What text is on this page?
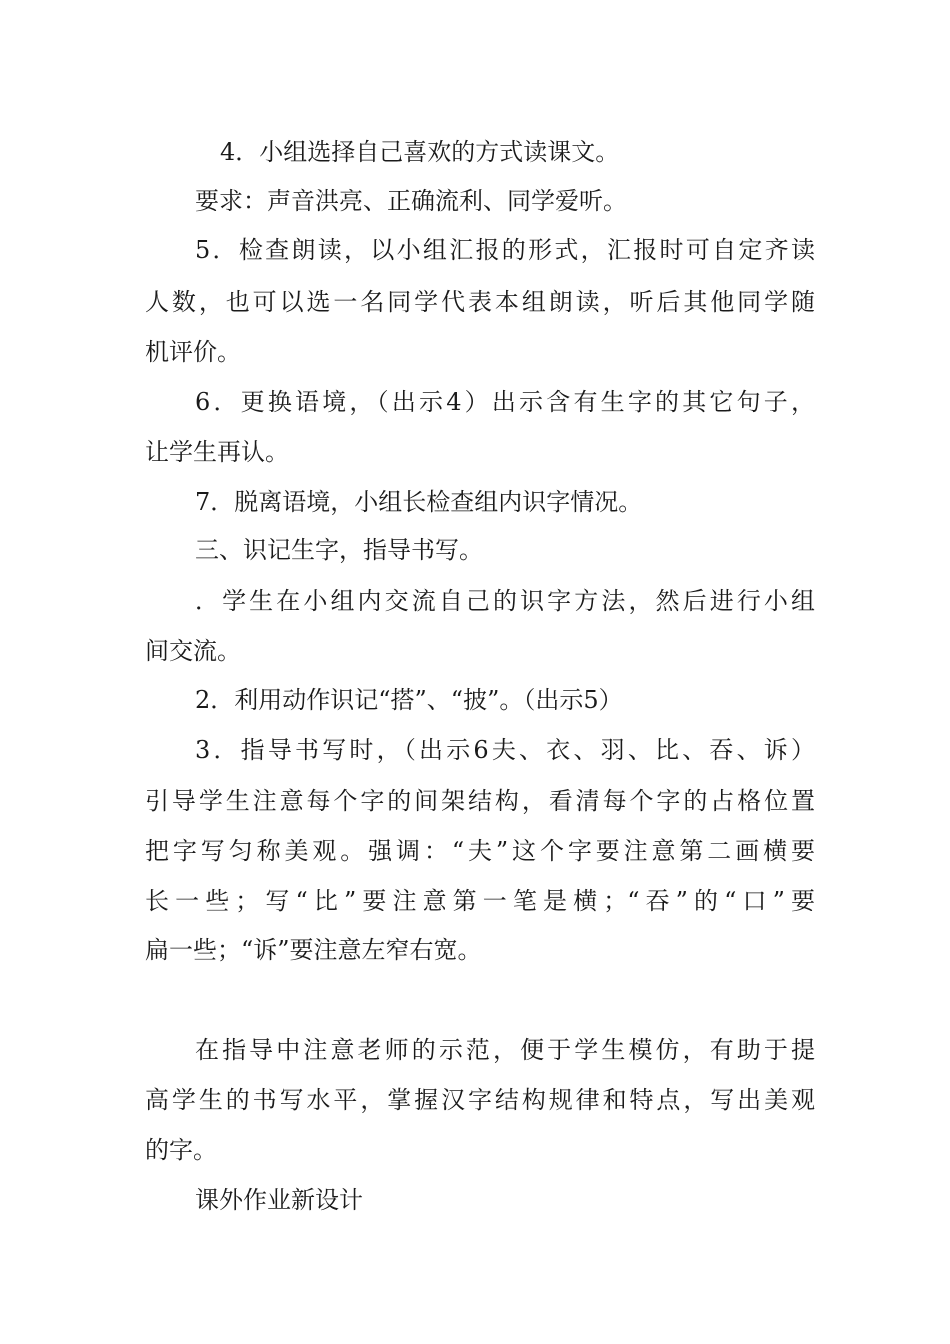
4．小组选择自己喜欢的方式读课文。
要求：声音洪亮、正确流利、同学爱听。
5．检查朗读，以小组汇报的形式，汇报时可自定齐读
人数，也可以选一名同学代表本组朗读，听后其他同学随
机评价。
6．更换语境，（出示4）出示含有生字的其它句子，
让学生再认。
7．脱离语境，小组长检查组内识字情况。
三、识记生字，指导书写。
．学生在小组内交流自己的识字方法，然后进行小组
间交流。
2．利用动作识记“搭”、“披”。（出示5）
3．指导书写时，（出示6夫、衣、羽、比、吞、诉）
引导学生注意每个字的间架结构，看清每个字的占格位置
把字写匀称美观。强调：“夫”这个字要注意第二画横要
长一些；写“比”要注意第一笔是横；“吞”的“口”要
扁一些；“诉”要注意左窄右宽。
在指导中注意老师的示范，便于学生模仿，有助于提
高学生的书写水平，掌握汉字结构规律和特点，写出美观
的字。
课外作业新设计
